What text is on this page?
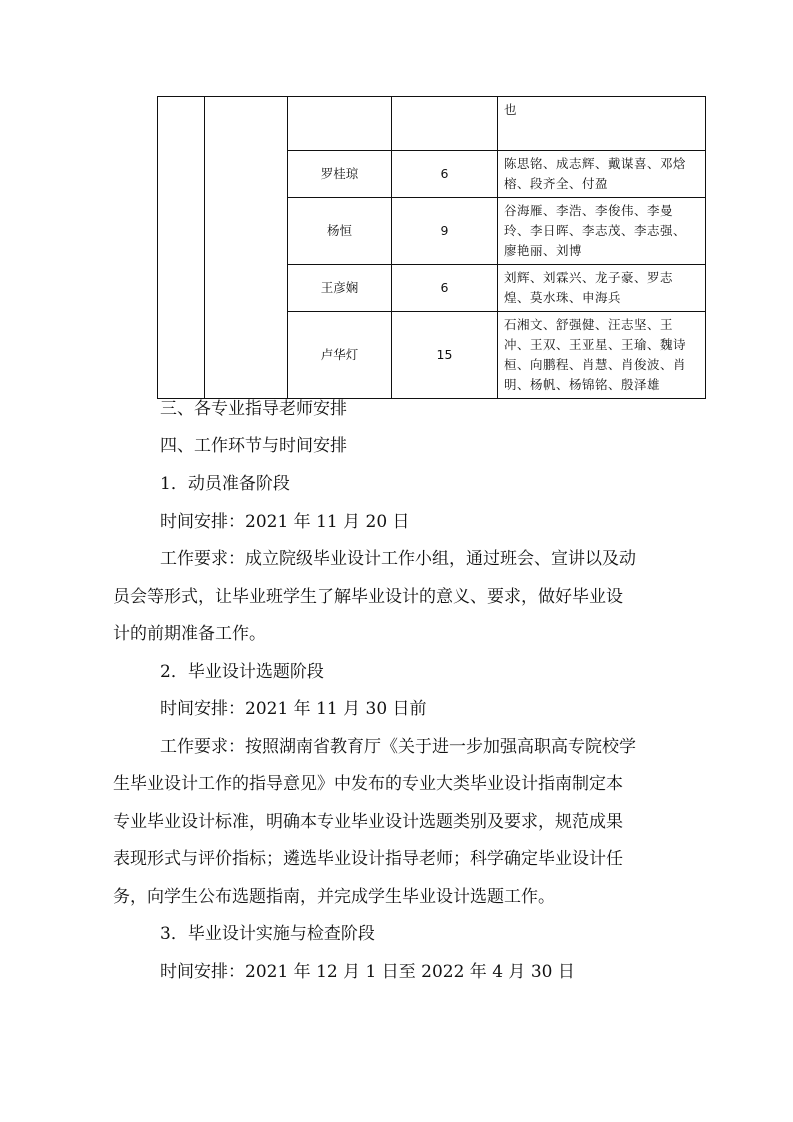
				也
		罗桂琼	6	陈思铭、成志辉、戴谋喜、邓焓榕、段齐全、付盈
		杨恒	9	谷海雁、李浩、李俊伟、李曼玲、李日晖、李志茂、李志强、廖艳丽、刘博
		王彦娴	6	刘辉、刘霖兴、龙子豪、罗志煌、莫水珠、申海兵
		卢华灯	15	石湘文、舒强健、汪志坚、王冲、王双、王亚星、王瑜、魏诗桓、向鹏程、肖慧、肖俊波、肖明、杨帆、杨锦铭、殷泽雄
三、各专业指导老师安排
四、工作环节与时间安排
1．动员准备阶段
时间安排：2021 年 11 月 20 日
工作要求：成立院级毕业设计工作小组，通过班会、宣讲以及动
员会等形式，让毕业班学生了解毕业设计的意义、要求，做好毕业设
计的前期准备工作。
2．毕业设计选题阶段
时间安排：2021 年 11 月 30 日前
工作要求：按照湖南省教育厅《关于进一步加强高职高专院校学
生毕业设计工作的指导意见》中发布的专业大类毕业设计指南制定本
专业毕业设计标准，明确本专业毕业设计选题类别及要求，规范成果
表现形式与评价指标；遴选毕业设计指导老师；科学确定毕业设计任
务，向学生公布选题指南，并完成学生毕业设计选题工作。
3．毕业设计实施与检查阶段
时间安排：2021 年 12 月 1 日至 2022 年 4 月 30 日
